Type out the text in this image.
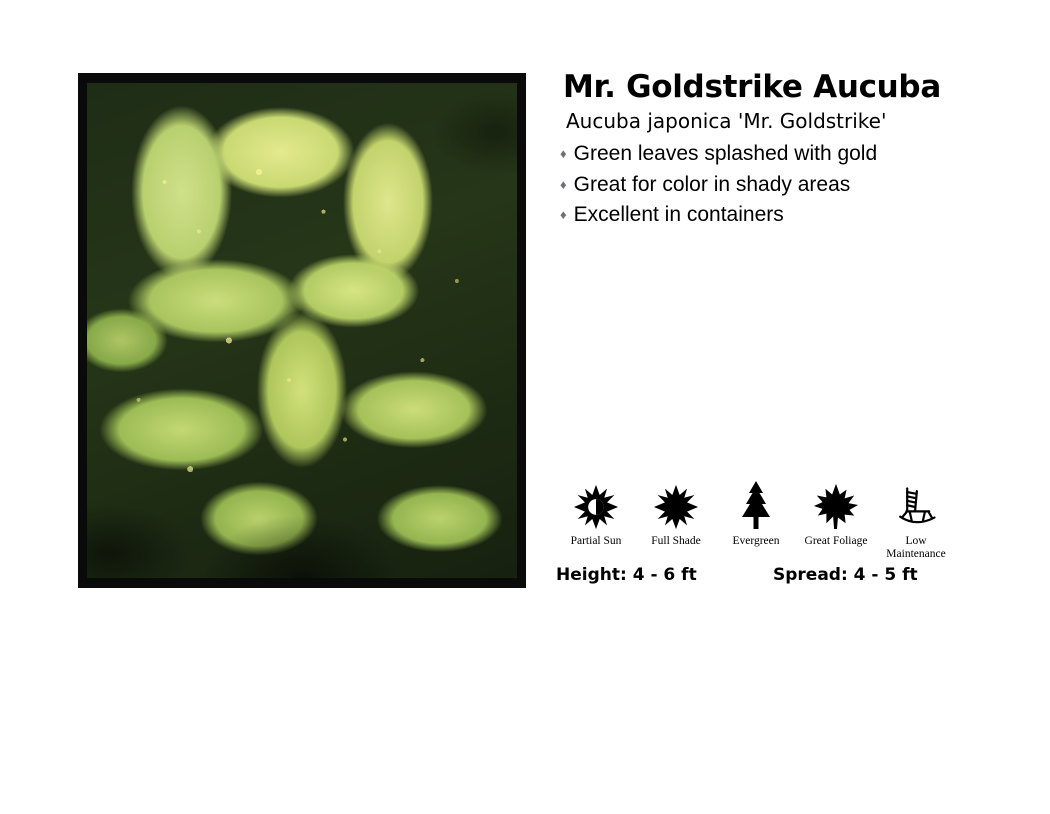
Mr. Goldstrike Aucuba
Aucuba japonica 'Mr. Goldstrike'
♦ Green leaves splashed with gold
♦ Great for color in shady areas
♦ Excellent in containers
Partial Sun	Full Shade	Evergreen Great Foliage	Low
Maintenance
Height: 4 - 6 ft	Spread: 4 - 5 ft
